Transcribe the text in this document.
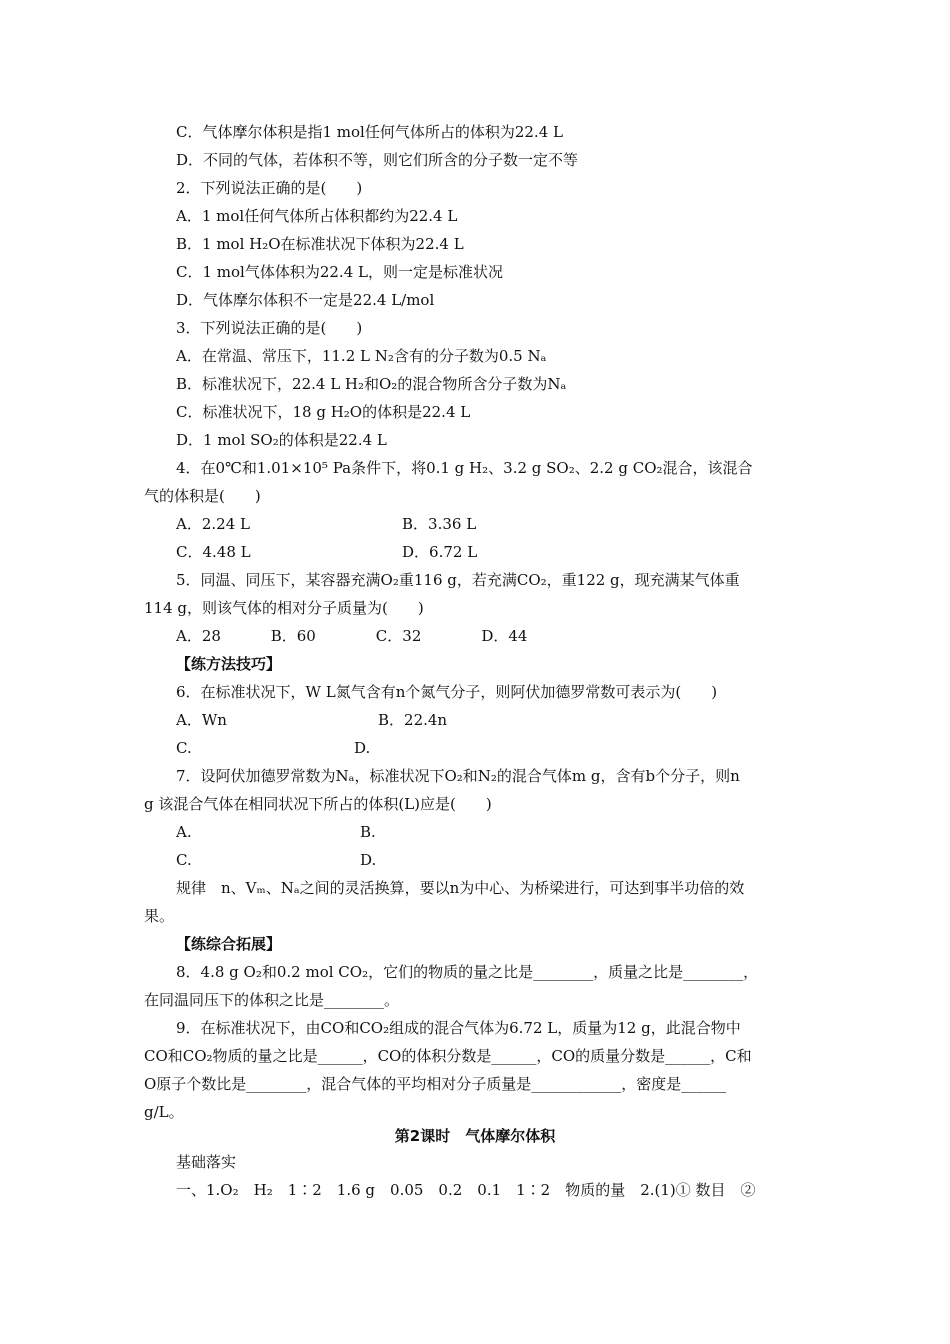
C．气体摩尔体积是指1 mol任何气体所占的体积为22.4 L
D．不同的气体，若体积不等，则它们所含的分子数一定不等
2．下列说法正确的是(　　)
A．1 mol任何气体所占体积都约为22.4 L
B．1 mol H₂O在标准状况下体积为22.4 L
C．1 mol气体体积为22.4 L，则一定是标准状况
D．气体摩尔体积不一定是22.4 L/mol
3．下列说法正确的是(　　)
A．在常温、常压下，11.2 L N₂含有的分子数为0.5 Nₐ
B．标准状况下，22.4 L H₂和O₂的混合物所含分子数为Nₐ
C．标准状况下，18 g H₂O的体积是22.4 L
D．1 mol SO₂的体积是22.4 L
4．在0℃和1.01×10⁵ Pa条件下，将0.1 g H₂、3.2 g SO₂、2.2 g CO₂混合，该混合
气的体积是(　　)
A．2.24 L	B．3.36 L
C．4.48 L	D．6.72 L
5．同温、同压下，某容器充满O₂重116 g，若充满CO₂，重122 g，现充满某气体重
114 g，则该气体的相对分子质量为(　　)
A．28　　　 B．60　　　　C．32　　　　D．44
【练方法技巧】
6．在标准状况下，W L氮气含有n个氮气分子，则阿伏加德罗常数可表示为(　　)
A．Wn	B．22.4n
C.	D.
7．设阿伏加德罗常数为Nₐ，标准状况下O₂和N₂的混合气体m g，含有b个分子，则n
g 该混合气体在相同状况下所占的体积(L)应是(　　)
A.	B.
C.	D.
规律　n、Vₘ、Nₐ之间的灵活换算，要以n为中心、为桥梁进行，可达到事半功倍的效
果。
【练综合拓展】
8．4.8 g O₂和0.2 mol CO₂，它们的物质的量之比是________，质量之比是________，
在同温同压下的体积之比是________。
9．在标准状况下，由CO和CO₂组成的混合气体为6.72 L，质量为12 g，此混合物中
CO和CO₂物质的量之比是______，CO的体积分数是______，CO的质量分数是______，C和
O原子个数比是________，混合气体的平均相对分子质量是____________，密度是______
g/L。
第2课时　气体摩尔体积
基础落实
一、1.O₂　H₂　1∶2　1.6 g　0.05　0.2　0.1　1∶2　物质的量　2.(1)① 数目　②
